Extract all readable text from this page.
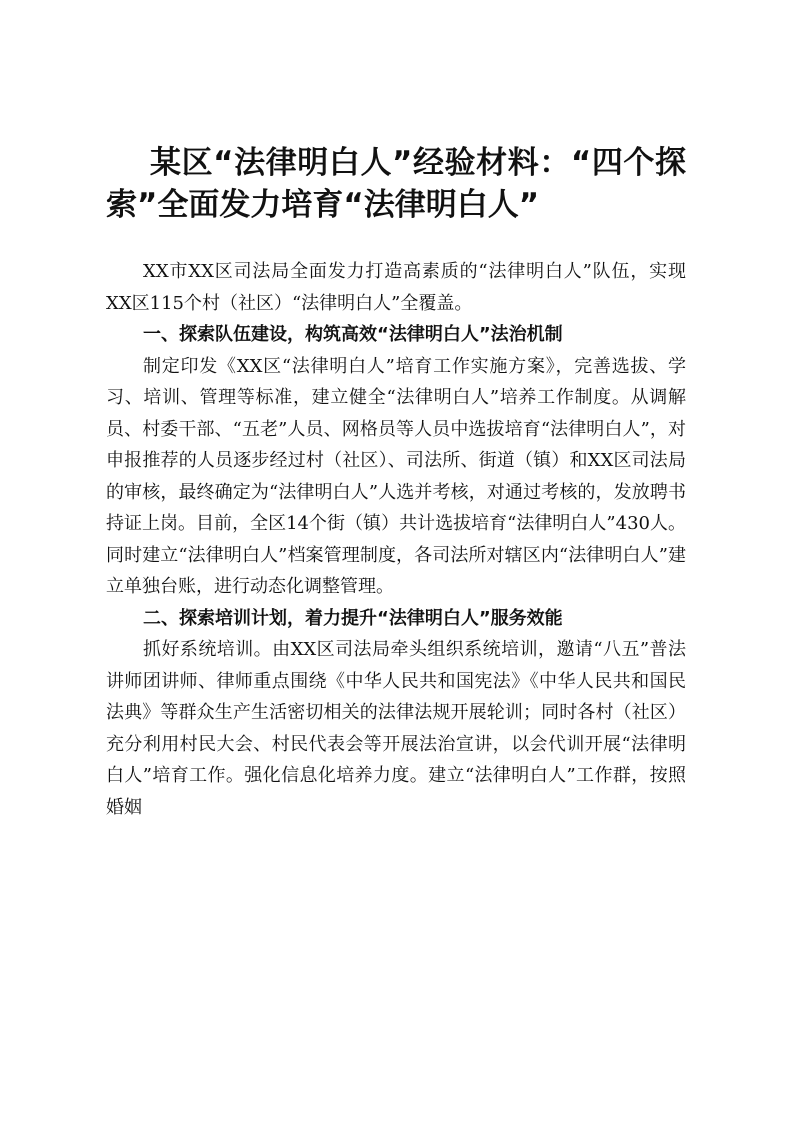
某区“法律明白人”经验材料：“四个探索”全面发力培育“法律明白人”

XX市XX区司法局全面发力打造高素质的“法律明白人”队伍，实现XX区115个村（社区）“法律明白人”全覆盖。

一、探索队伍建设，构筑高效“法律明白人”法治机制

制定印发《XX区“法律明白人”培育工作实施方案》，完善选拔、学习、培训、管理等标准，建立健全“法律明白人”培养工作制度。从调解员、村委干部、“五老”人员、网格员等人员中选拔培育“法律明白人”，对申报推荐的人员逐步经过村（社区）、司法所、街道（镇）和XX区司法局的审核，最终确定为“法律明白人”人选并考核，对通过考核的，发放聘书持证上岗。目前，全区14个街（镇）共计选拔培育“法律明白人”430人。同时建立“法律明白人”档案管理制度，各司法所对辖区内“法律明白人”建立单独台账，进行动态化调整管理。

二、探索培训计划，着力提升“法律明白人”服务效能

抓好系统培训。由XX区司法局牵头组织系统培训，邀请“八五”普法讲师团讲师、律师重点围绕《中华人民共和国宪法》《中华人民共和国民法典》等群众生产生活密切相关的法律法规开展轮训；同时各村（社区）充分利用村民大会、村民代表会等开展法治宣讲，以会代训开展“法律明白人”培育工作。强化信息化培养力度。建立“法律明白人”工作群，按照婚姻
